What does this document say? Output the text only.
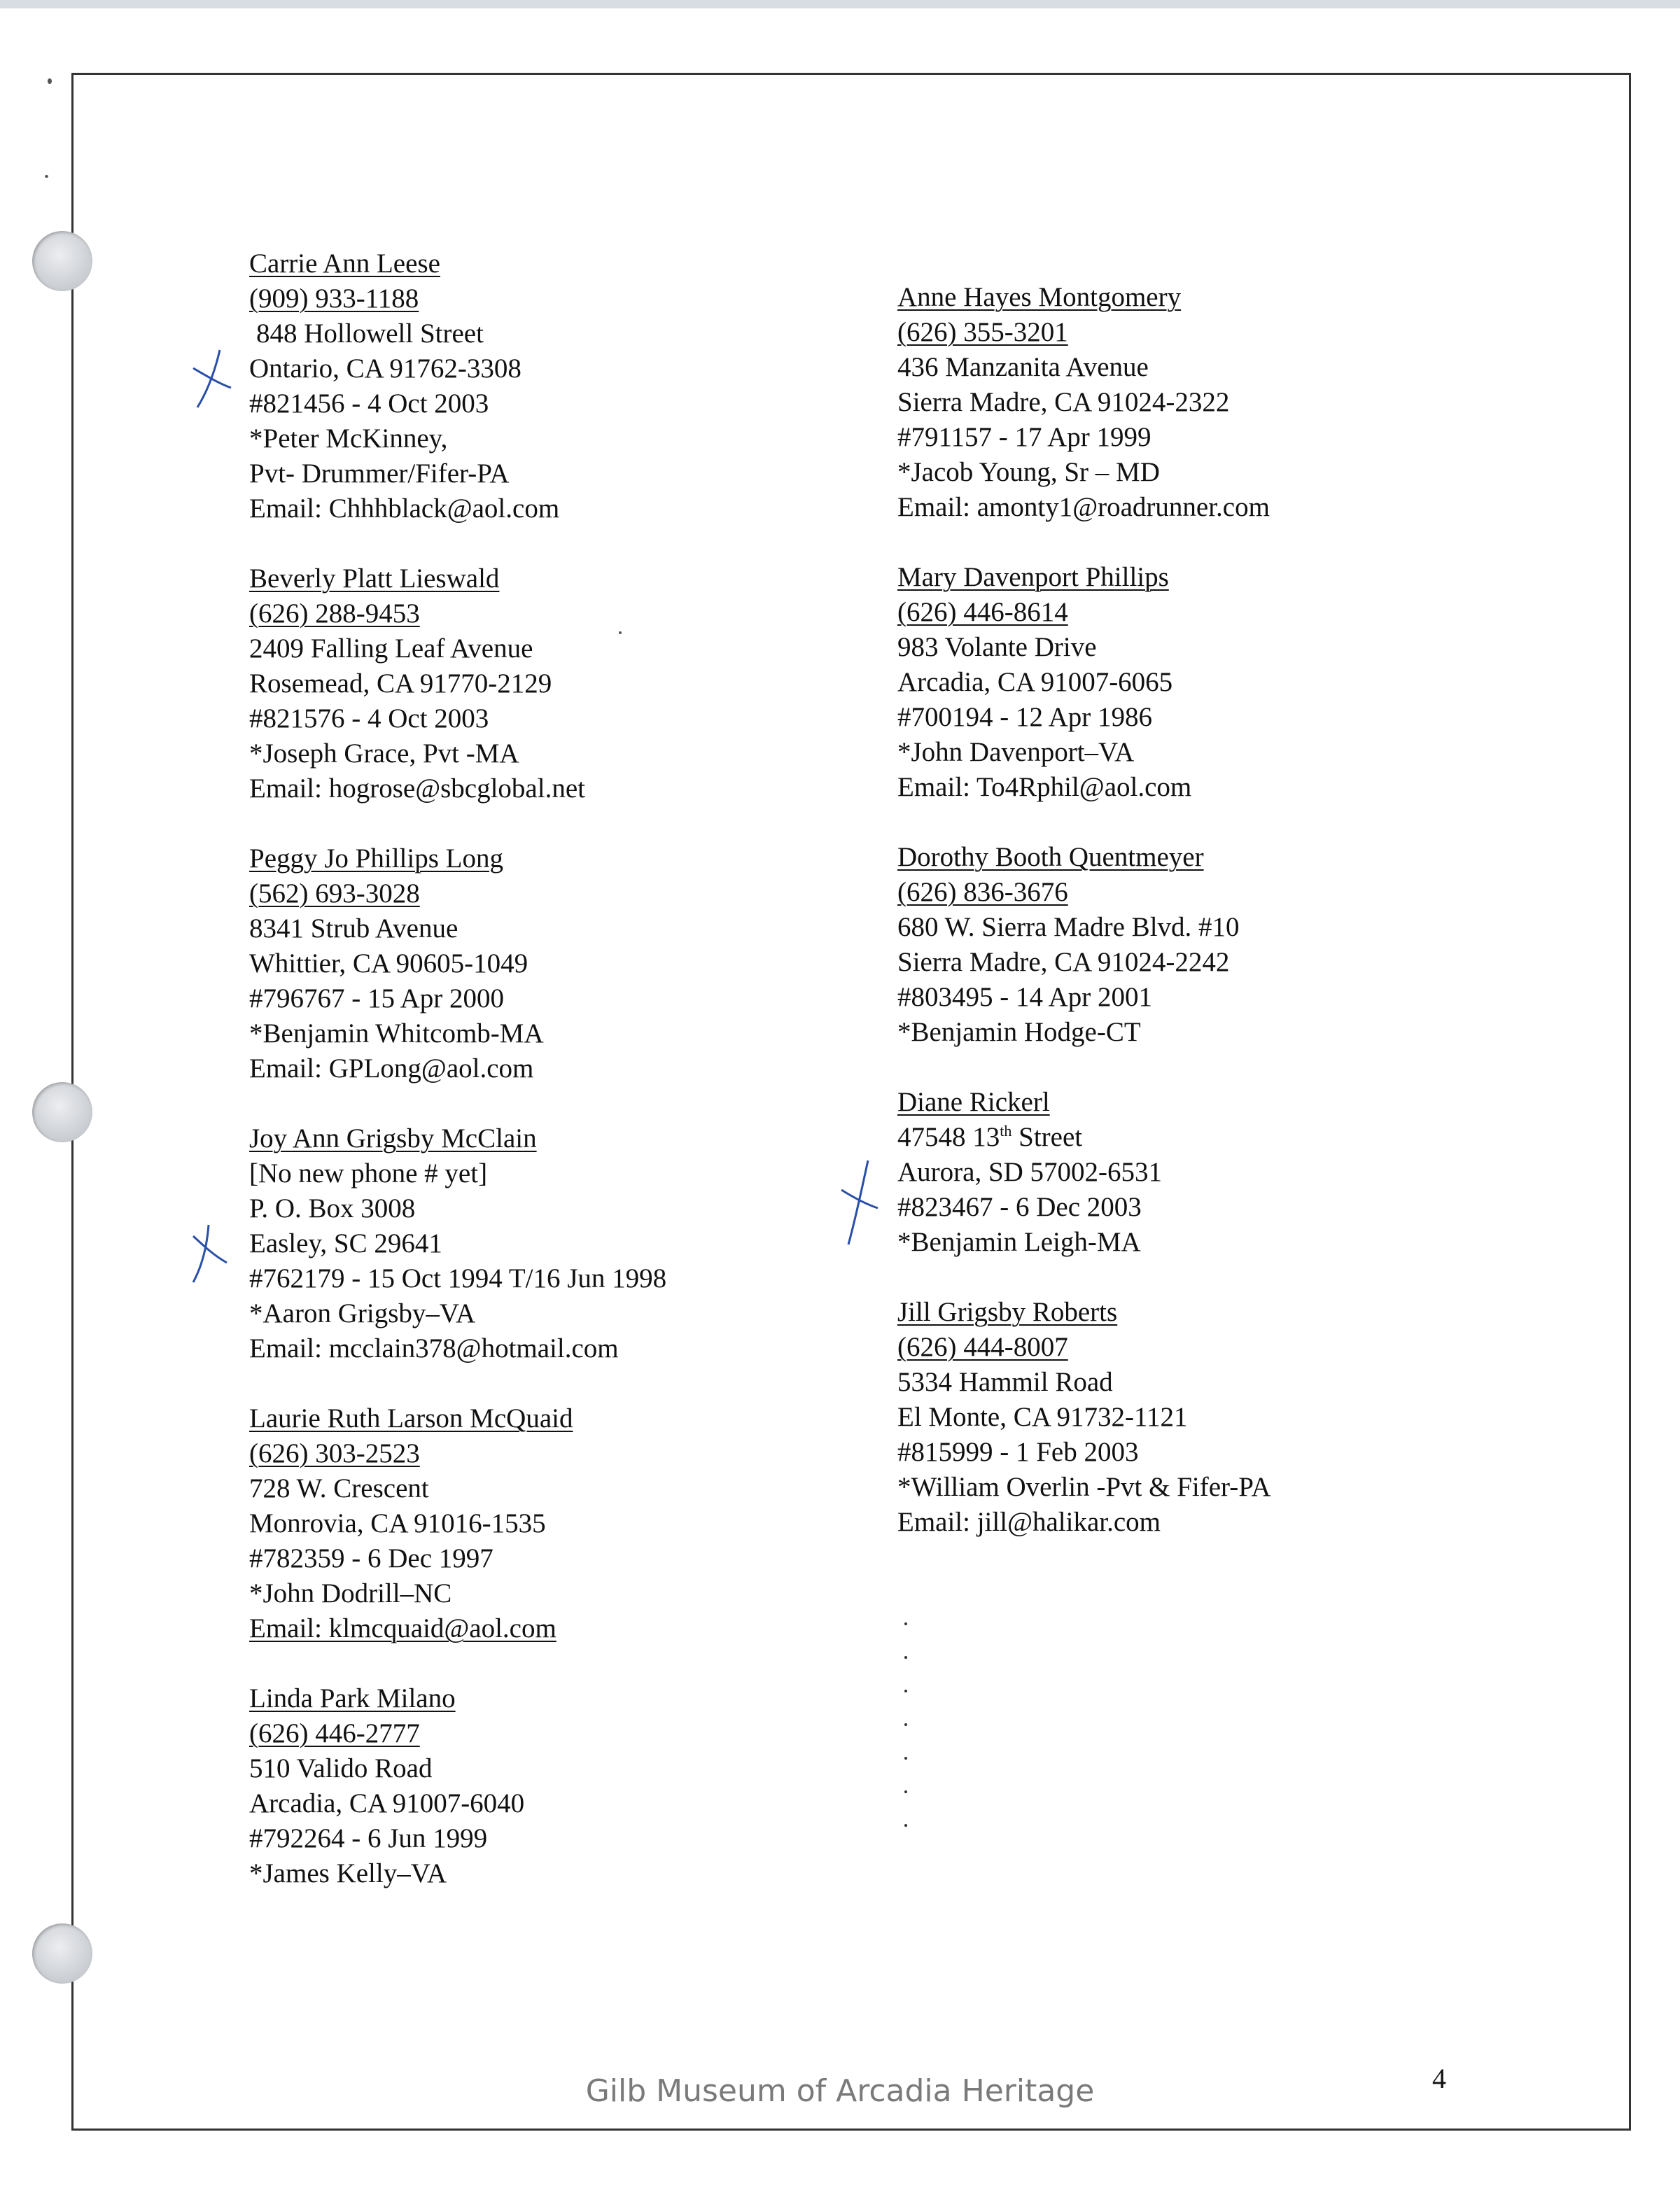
Carrie Ann Leese
(909) 933-1188
848 Hollowell Street
Ontario, CA 91762-3308
#821456 - 4 Oct 2003
*Peter McKinney,
Pvt- Drummer/Fifer-PA
Email: Chhhblack@aol.com
Beverly Platt Lieswald
(626) 288-9453
2409 Falling Leaf Avenue
Rosemead, CA 91770-2129
#821576 - 4 Oct 2003
*Joseph Grace, Pvt -MA
Email: hogrose@sbcglobal.net
Peggy Jo Phillips Long
(562) 693-3028
8341 Strub Avenue
Whittier, CA 90605-1049
#796767 - 15 Apr 2000
*Benjamin Whitcomb-MA
Email: GPLong@aol.com
Joy Ann Grigsby McClain
[No new phone # yet]
P. O. Box 3008
Easley, SC 29641
#762179 - 15 Oct 1994 T/16 Jun 1998
*Aaron Grigsby–VA
Email: mcclain378@hotmail.com
Laurie Ruth Larson McQuaid
(626) 303-2523
728 W. Crescent
Monrovia, CA 91016-1535
#782359 - 6 Dec 1997
*John Dodrill–NC
Email: klmcquaid@aol.com
Linda Park Milano
(626) 446-2777
510 Valido Road
Arcadia, CA 91007-6040
#792264 - 6 Jun 1999
*James Kelly–VA
Anne Hayes Montgomery
(626) 355-3201
436 Manzanita Avenue
Sierra Madre, CA 91024-2322
#791157 - 17 Apr 1999
*Jacob Young, Sr – MD
Email: amonty1@roadrunner.com
Mary Davenport Phillips
(626) 446-8614
983 Volante Drive
Arcadia, CA 91007-6065
#700194 - 12 Apr 1986
*John Davenport–VA
Email: To4Rphil@aol.com
Dorothy Booth Quentmeyer
(626) 836-3676
680 W. Sierra Madre Blvd. #10
Sierra Madre, CA 91024-2242
#803495 - 14 Apr 2001
*Benjamin Hodge-CT
Diane Rickerl
47548 13th Street
Aurora, SD 57002-6531
#823467 - 6 Dec 2003
*Benjamin Leigh-MA
Jill Grigsby Roberts
(626) 444-8007
5334 Hammil Road
El Monte, CA 91732-1121
#815999 - 1 Feb 2003
*William Overlin -Pvt & Fifer-PA
Email: jill@halikar.com
Gilb Museum of Arcadia Heritage	4
